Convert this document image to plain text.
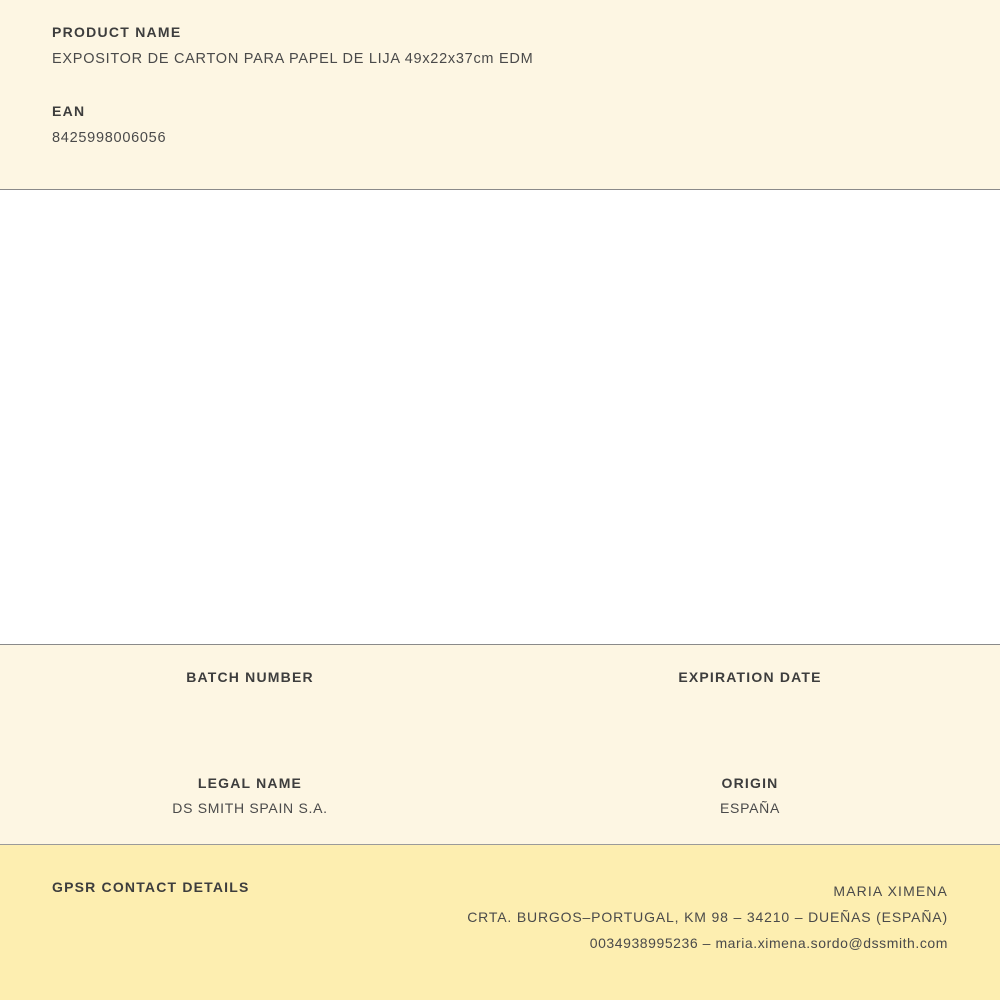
PRODUCT NAME
EXPOSITOR DE CARTON PARA PAPEL DE LIJA 49x22x37cm EDM
EAN
8425998006056
BATCH NUMBER	EXPIRATION DATE
LEGAL NAME
DS SMITH SPAIN S.A.
ORIGIN
ESPAÑA
GPSR CONTACT DETAILS	MARIA XIMENA
CRTA. BURGOS–PORTUGAL, KM 98 – 34210 – DUEÑAS (ESPAÑA)
0034938995236 – maria.ximena.sordo@dssmith.com
